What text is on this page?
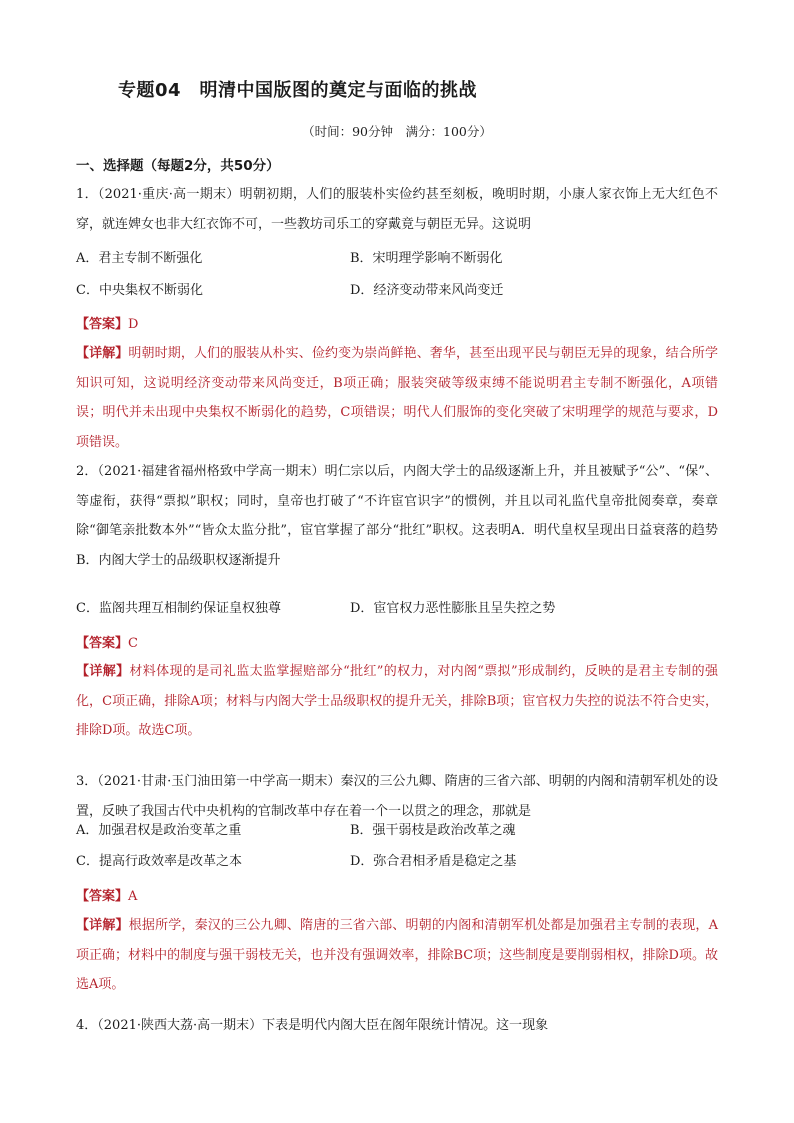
专题04　明清中国版图的奠定与面临的挑战
（时间：90分钟　满分：100分）
一、选择题（每题2分，共50分）
1．（2021·重庆·高一期末）明朝初期，人们的服装朴实俭约甚至刻板，晚明时期，小康人家衣饰上无大红色不穿，就连婢女也非大红衣饰不可，一些教坊司乐工的穿戴竟与朝臣无异。这说明
A．君主专制不断强化	B．宋明理学影响不断弱化
C．中央集权不断弱化	D．经济变动带来风尚变迁
【答案】D
【详解】明朝时期，人们的服装从朴实、俭约变为崇尚鲜艳、奢华，甚至出现平民与朝臣无异的现象，结合所学知识可知，这说明经济变动带来风尚变迁，B项正确；服装突破等级束缚不能说明君主专制不断强化，A项错误；明代并未出现中央集权不断弱化的趋势，C项错误；明代人们服饰的变化突破了宋明理学的规范与要求，D项错误。
2．（2021·福建省福州格致中学高一期末）明仁宗以后，内阁大学士的品级逐渐上升，并且被赋予“公”、“保”、等虚衔，获得“票拟”职权；同时，皇帝也打破了“不许宦官识字”的惯例，并且以司礼监代皇帝批阅奏章，奏章除“御笔亲批数本外”“皆众太监分批”，宦官掌握了部分“批红”职权。这表明A．明代皇权呈现出日益衰落的趋势　B．内阁大学士的品级职权逐渐提升
C．监阁共理互相制约保证皇权独尊	D．宦官权力恶性膨胀且呈失控之势
【答案】C
【详解】材料体现的是司礼监太监掌握赔部分“批红”的权力，对内阁“票拟”形成制约，反映的是君主专制的强化，C项正确，排除A项；材料与内阁大学士品级职权的提升无关，排除B项；宦官权力失控的说法不符合史实，排除D项。故选C项。
3．（2021·甘肃·玉门油田第一中学高一期末）秦汉的三公九卿、隋唐的三省六部、明朝的内阁和清朝军机处的设置，反映了我国古代中央机构的官制改革中存在着一个一以贯之的理念，那就是
A．加强君权是政治变革之重	B．强干弱枝是政治改革之魂
C．提高行政效率是改革之本	D．弥合君相矛盾是稳定之基
【答案】A
【详解】根据所学，秦汉的三公九卿、隋唐的三省六部、明朝的内阁和清朝军机处都是加强君主专制的表现，A项正确；材料中的制度与强干弱枝无关，也并没有强调效率，排除BC项；这些制度是要削弱相权，排除D项。故选A项。
4．（2021·陕西大荔·高一期末）下表是明代内阁大臣在阁年限统计情况。这一现象
